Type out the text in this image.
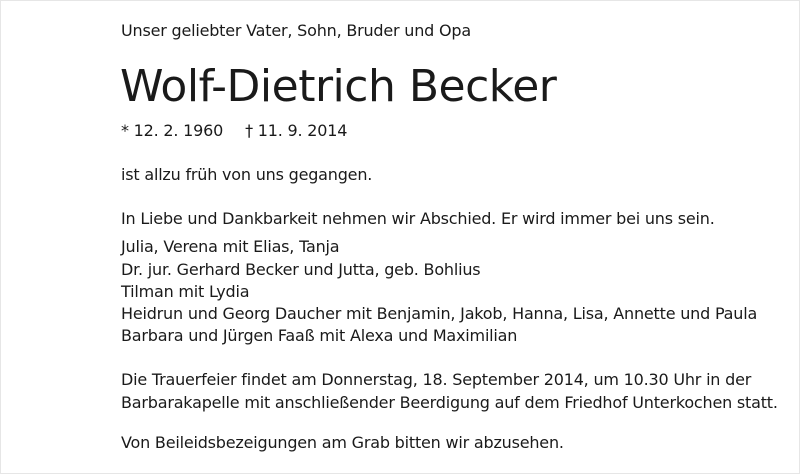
Unser geliebter Vater, Sohn, Bruder und Opa
Wolf-Dietrich Becker
* 12. 2. 1960 † 11. 9. 2014
ist allzu früh von uns gegangen.
In Liebe und Dankbarkeit nehmen wir Abschied. Er wird immer bei uns sein.
Julia, Verena mit Elias, Tanja
Dr. jur. Gerhard Becker und Jutta, geb. Bohlius
Tilman mit Lydia
Heidrun und Georg Daucher mit Benjamin, Jakob, Hanna, Lisa, Annette und Paula
Barbara und Jürgen Faaß mit Alexa und Maximilian
Die Trauerfeier findet am Donnerstag, 18. September 2014, um 10.30 Uhr in der
Barbarakapelle mit anschließender Beerdigung auf dem Friedhof Unterkochen statt.
Von Beileidsbezeigungen am Grab bitten wir abzusehen.
